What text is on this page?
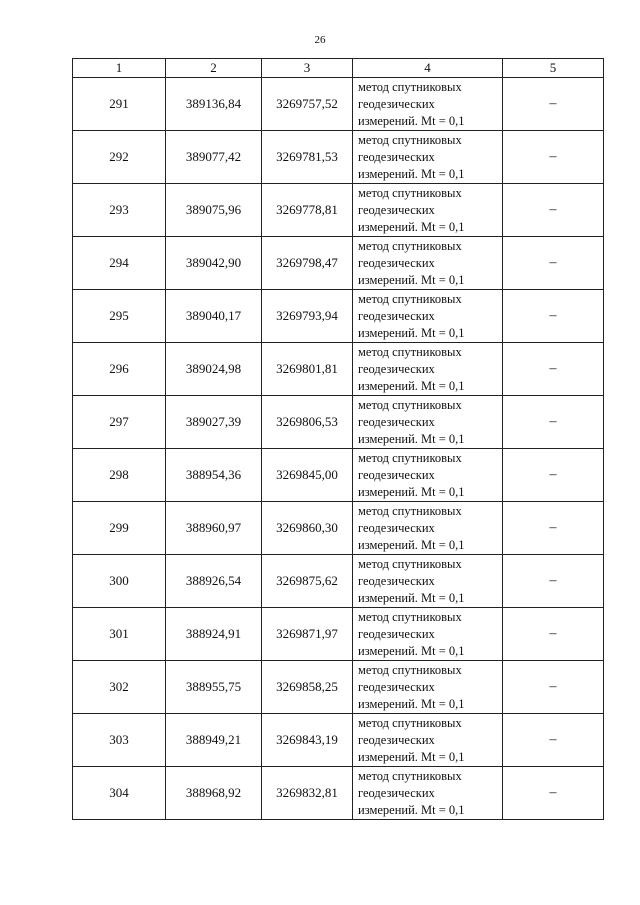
26
1	2	3	4	5
291	389136,84	3269757,52	метод спутниковых
геодезических
измерений. Mt = 0,1	–
292	389077,42	3269781,53	метод спутниковых
геодезических
измерений. Mt = 0,1	–
293	389075,96	3269778,81	метод спутниковых
геодезических
измерений. Mt = 0,1	–
294	389042,90	3269798,47	метод спутниковых
геодезических
измерений. Mt = 0,1	–
295	389040,17	3269793,94	метод спутниковых
геодезических
измерений. Mt = 0,1	–
296	389024,98	3269801,81	метод спутниковых
геодезических
измерений. Mt = 0,1	–
297	389027,39	3269806,53	метод спутниковых
геодезических
измерений. Mt = 0,1	–
298	388954,36	3269845,00	метод спутниковых
геодезических
измерений. Mt = 0,1	–
299	388960,97	3269860,30	метод спутниковых
геодезических
измерений. Mt = 0,1	–
300	388926,54	3269875,62	метод спутниковых
геодезических
измерений. Mt = 0,1	–
301	388924,91	3269871,97	метод спутниковых
геодезических
измерений. Mt = 0,1	–
302	388955,75	3269858,25	метод спутниковых
геодезических
измерений. Mt = 0,1	–
303	388949,21	3269843,19	метод спутниковых
геодезических
измерений. Mt = 0,1	–
304	388968,92	3269832,81	метод спутниковых
геодезических
измерений. Mt = 0,1	–
